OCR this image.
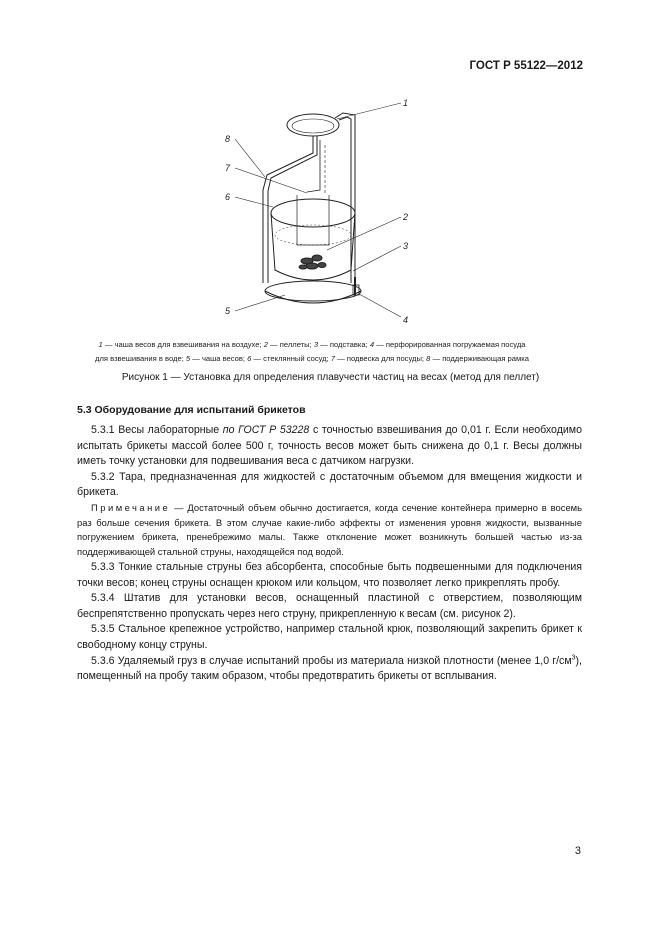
ГОСТ Р 55122—2012
1
2
3
4
5
6
7
8
1 — чаша весов для взвешивания на воздухе; 2 — пеллеты; 3 — подставка; 4 — перфорированная погружаемая посуда
для взвешивания в воде; 5 — чаша весов; 6 — стеклянный сосуд; 7 — подвеска для посуды; 8 — поддерживающая рамка
Рисунок 1 — Установка для определения плавучести частиц на весах (метод для пеллет)
5.3 Оборудование для испытаний брикетов

5.3.1 Весы лабораторные по ГОСТ Р 53228 с точностью взвешивания до 0,01 г. Если необходимо испытать брикеты массой более 500 г, точность весов может быть снижена до 0,1 г. Весы должны иметь точку установки для подвешивания веса с датчиком нагрузки.

5.3.2 Тара, предназначенная для жидкостей с достаточным объемом для вмещения жидкости и брикета.

Примечание — Достаточный объем обычно достигается, когда сечение контейнера примерно в восемь раз больше сечения брикета. В этом случае какие-либо эффекты от изменения уровня жидкости, вызванные погружением брикета, пренебрежимо малы. Также отклонение может возникнуть большей частью из-за поддерживающей стальной струны, находящейся под водой.

5.3.3 Тонкие стальные струны без абсорбента, способные быть подвешенными для подключения точки весов; конец струны оснащен крюком или кольцом, что позволяет легко прикреплять пробу.

5.3.4 Штатив для установки весов, оснащенный пластиной с отверстием, позволяющим беспрепятственно пропускать через него струну, прикрепленную к весам (см. рисунок 2).

5.3.5 Стальное крепежное устройство, например стальной крюк, позволяющий закрепить брикет к свободному концу струны.

5.3.6 Удаляемый груз в случае испытаний пробы из материала низкой плотности (менее 1,0 $г/см^3$), помещенный на пробу таким образом, чтобы предотвратить брикеты от всплывания.

3
